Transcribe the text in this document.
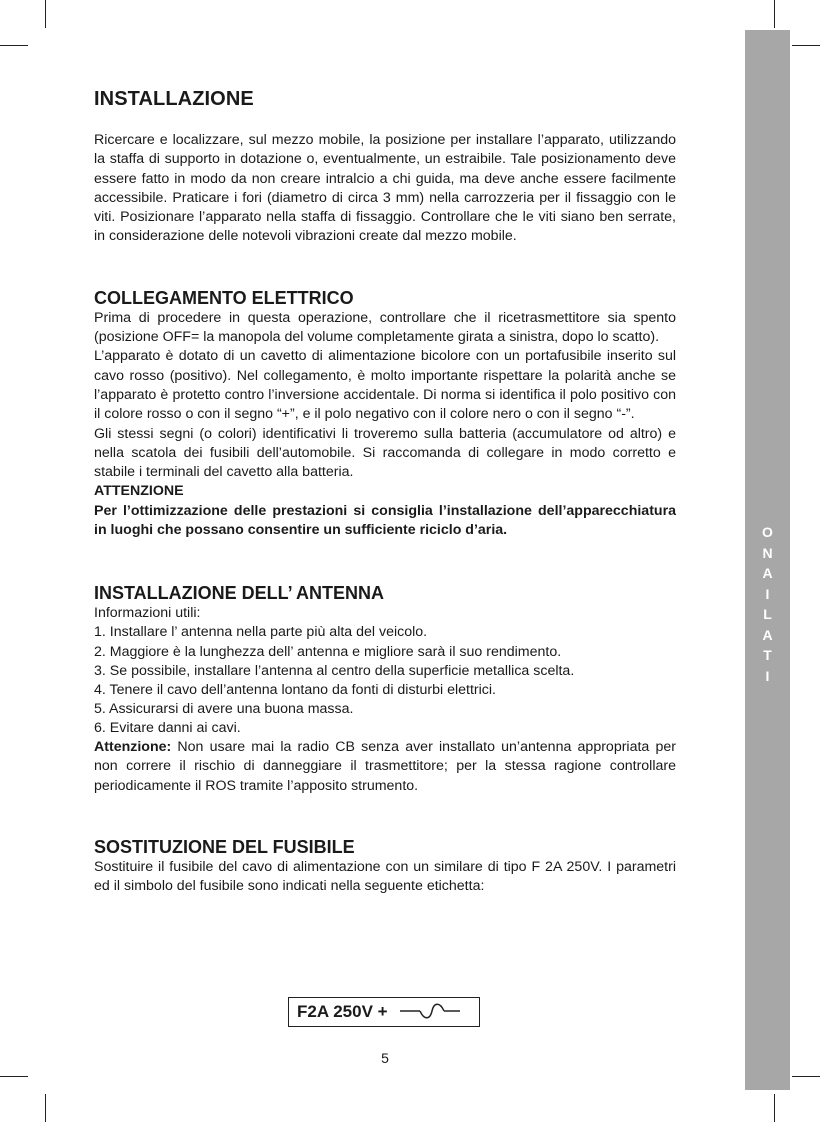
O
N
A
I
L
A
T
I
INSTALLAZIONE

Ricercare e localizzare, sul mezzo mobile, la posizione per installare l’apparato, utilizzando la staffa di supporto in dotazione o, eventualmente, un estraibile. Tale posizionamento deve essere fatto in modo da non creare intralcio a chi guida, ma deve anche essere facilmente accessibile. Praticare i fori (diametro di circa 3 mm) nella carrozzeria per il fissaggio con le viti. Posizionare l’apparato nella staffa di fissaggio. Controllare che le viti siano ben serrate, in considerazione delle notevoli vibrazioni create dal mezzo mobile.

COLLEGAMENTO ELETTRICO

Prima di procedere in questa operazione, controllare che il ricetrasmettitore sia spento (posizione OFF= la manopola del volume completamente girata a sinistra, dopo lo scatto).

L’apparato è dotato di un cavetto di alimentazione bicolore con un portafusibile inserito sul cavo rosso (positivo). Nel collegamento, è molto importante rispettare la polarità anche se l’apparato è protetto contro l’inversione accidentale. Di norma si identifica il polo positivo con il colore rosso o con il segno “+”, e il polo negativo con il colore nero o con il segno “-”.

Gli stessi segni (o colori) identificativi li troveremo sulla batteria (accumulatore od altro) e nella scatola dei fusibili dell’automobile. Si raccomanda di collegare in modo corretto e stabile i terminali del cavetto alla batteria.

ATTENZIONE

Per l’ottimizzazione delle prestazioni si consiglia l’installazione dell’apparecchiatura in luoghi che possano consentire un sufficiente riciclo d’aria.

INSTALLAZIONE DELL’ ANTENNA
Informazioni utili:
1. Installare l’ antenna nella parte più alta del veicolo.
2. Maggiore è la lunghezza dell’ antenna e migliore sarà il suo rendimento.
3. Se possibile, installare l’antenna al centro della superficie metallica scelta.
4. Tenere il cavo dell’antenna lontano da fonti di disturbi elettrici.
5. Assicurarsi di avere una buona massa.
6. Evitare danni ai cavi.

Attenzione: Non usare mai la radio CB senza aver installato un’antenna appropriata per non correre il rischio di danneggiare il trasmettitore; per la stessa ragione controllare periodicamente il ROS tramite l’apposito strumento.

SOSTITUZIONE DEL FUSIBILE

Sostituire il fusibile del cavo di alimentazione con un similare di tipo F 2A 250V. I parametri ed il simbolo del fusibile sono indicati nella seguente etichetta:

F2A 250V +
5
